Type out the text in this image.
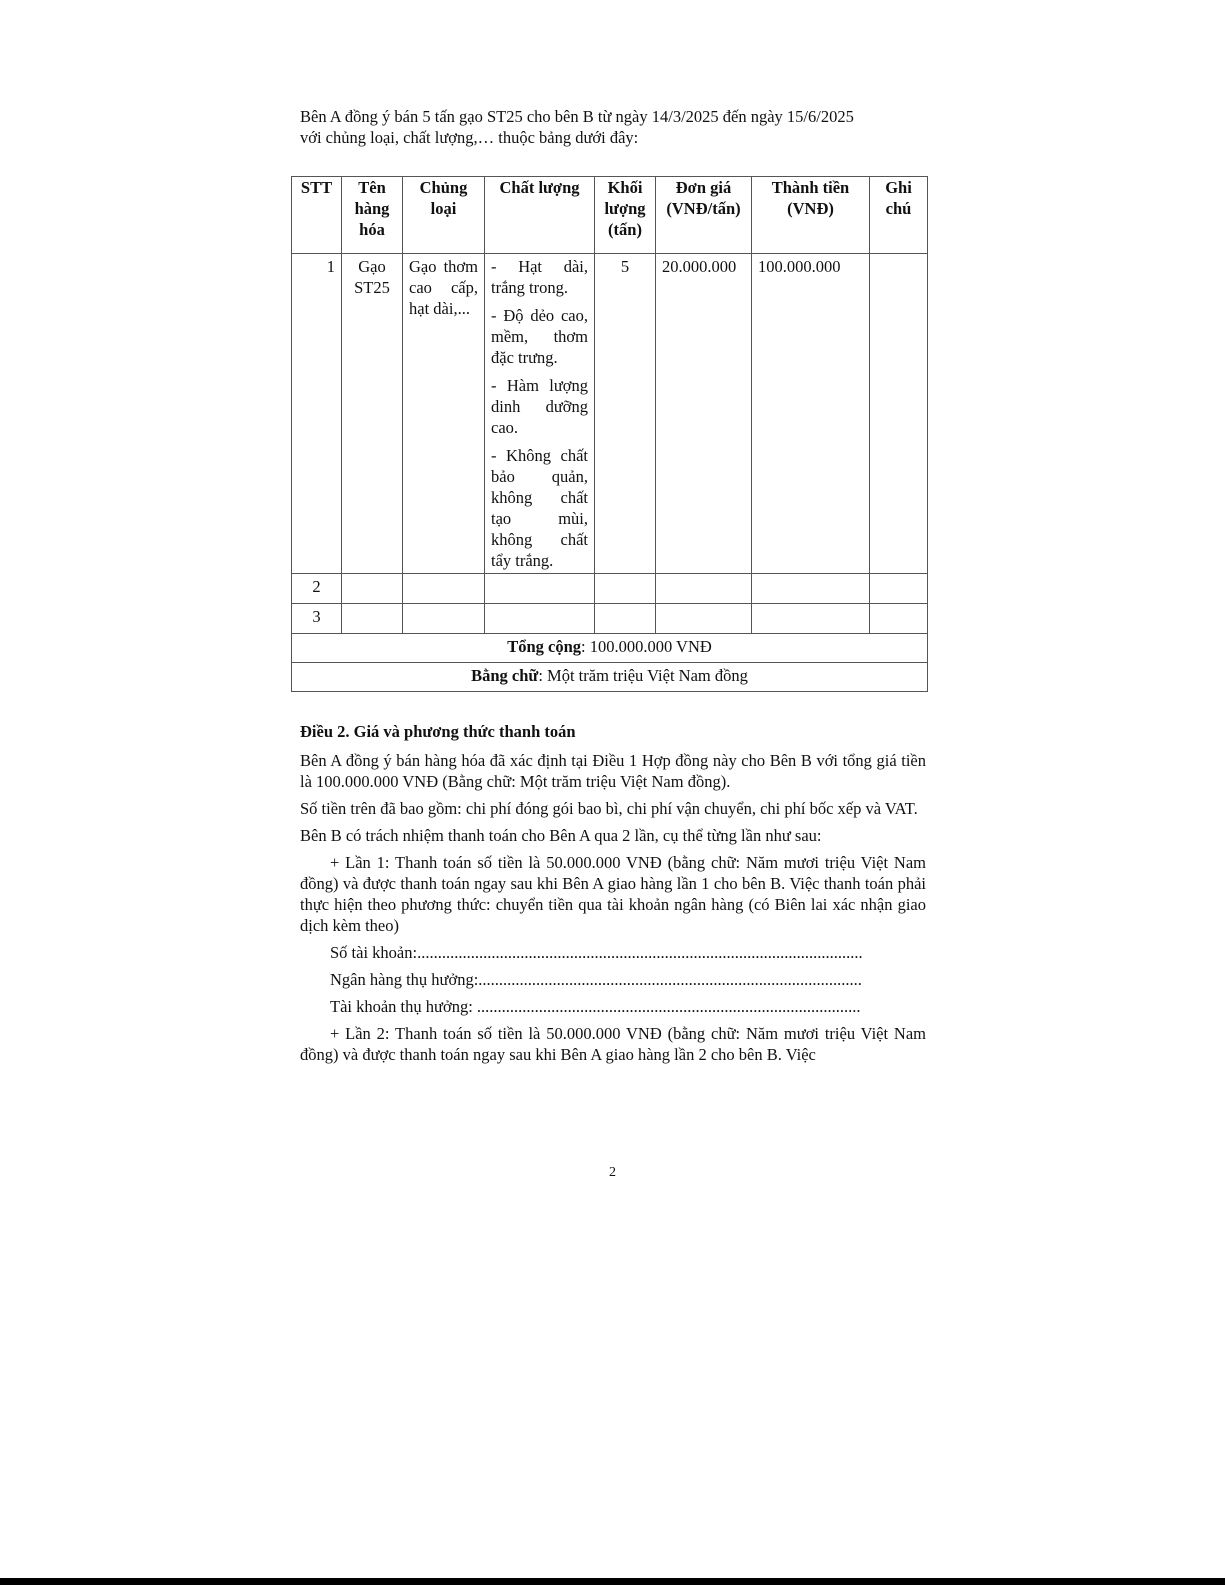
Bên A đồng ý bán 5 tấn gạo ST25 cho bên B từ ngày 14/3/2025 đến ngày 15/6/2025
với chủng loại, chất lượng,… thuộc bảng dưới đây:

STT	Tên hàng hóa	Chủng loại	Chất lượng	Khối lượng (tấn)	Đơn giá (VNĐ/tấn)	Thành tiền (VNĐ)	Ghi chú
1	Gạo ST25	Gạo thơm cao cấp, hạt dài,...	- Hạt dài, trắng trong.

- Độ dẻo cao, mềm, thơm đặc trưng.

- Hàm lượng dinh dưỡng cao.

- Không chất bảo quản, không chất tạo mùi, không chất tẩy trắng.	5	20.000.000	100.000.000	
2							
3							
Tổng cộng: 100.000.000 VNĐ							
Bằng chữ: Một trăm triệu Việt Nam đồng							
Điều 2. Giá và phương thức thanh toán

Bên A đồng ý bán hàng hóa đã xác định tại Điều 1 Hợp đồng này cho Bên B với tổng giá tiền là 100.000.000 VNĐ (Bằng chữ: Một trăm triệu Việt Nam đồng).

Số tiền trên đã bao gồm: chi phí đóng gói bao bì, chi phí vận chuyển, chi phí bốc xếp và VAT.

Bên B có trách nhiệm thanh toán cho Bên A qua 2 lần, cụ thể từng lần như sau:

+ Lần 1: Thanh toán số tiền là 50.000.000 VNĐ (bằng chữ: Năm mươi triệu Việt Nam đồng) và được thanh toán ngay sau khi Bên A giao hàng lần 1 cho bên B. Việc thanh toán phải thực hiện theo phương thức: chuyển tiền qua tài khoản ngân hàng (có Biên lai xác nhận giao dịch kèm theo)

Số tài khoản:............................................................................................................

Ngân hàng thụ hưởng:.............................................................................................

Tài khoản thụ hưởng: .............................................................................................

+ Lần 2: Thanh toán số tiền là 50.000.000 VNĐ (bằng chữ: Năm mươi triệu Việt Nam đồng) và được thanh toán ngay sau khi Bên A giao hàng lần 2 cho bên B. Việc

2
